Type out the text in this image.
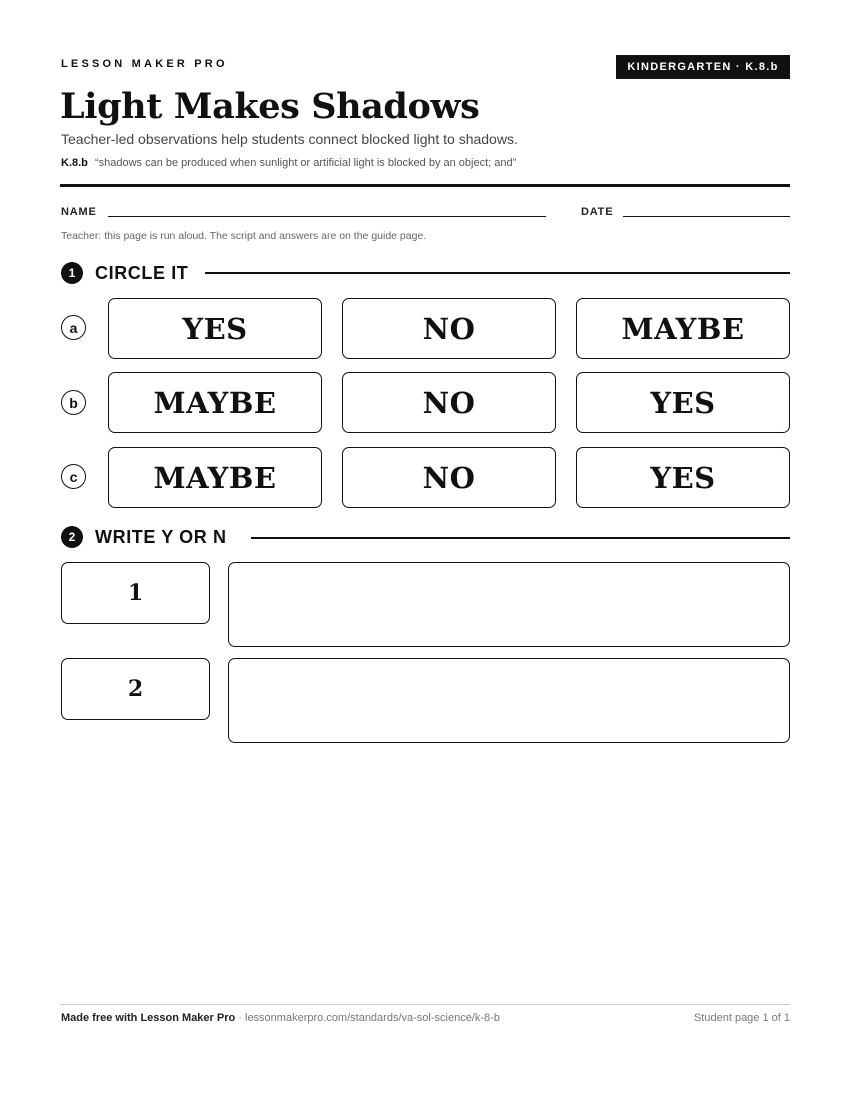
LESSON MAKER PRO	KINDERGARTEN · K.8.b
Light Makes Shadows
Teacher-led observations help students connect blocked light to shadows.
K.8.b “shadows can be produced when sunlight or artificial light is blocked by an object; and”
NAME	DATE
Teacher: this page is run aloud. The script and answers are on the guide page.
1	CIRCLE IT
a	YES	NO	MAYBE
b	MAYBE	NO	YES
c	MAYBE	NO	YES
2	WRITE Y OR N
1
2
Made free with Lesson Maker Pro · lessonmakerpro.com/standards/va-sol-science/k-8-b	Student page 1 of 1
